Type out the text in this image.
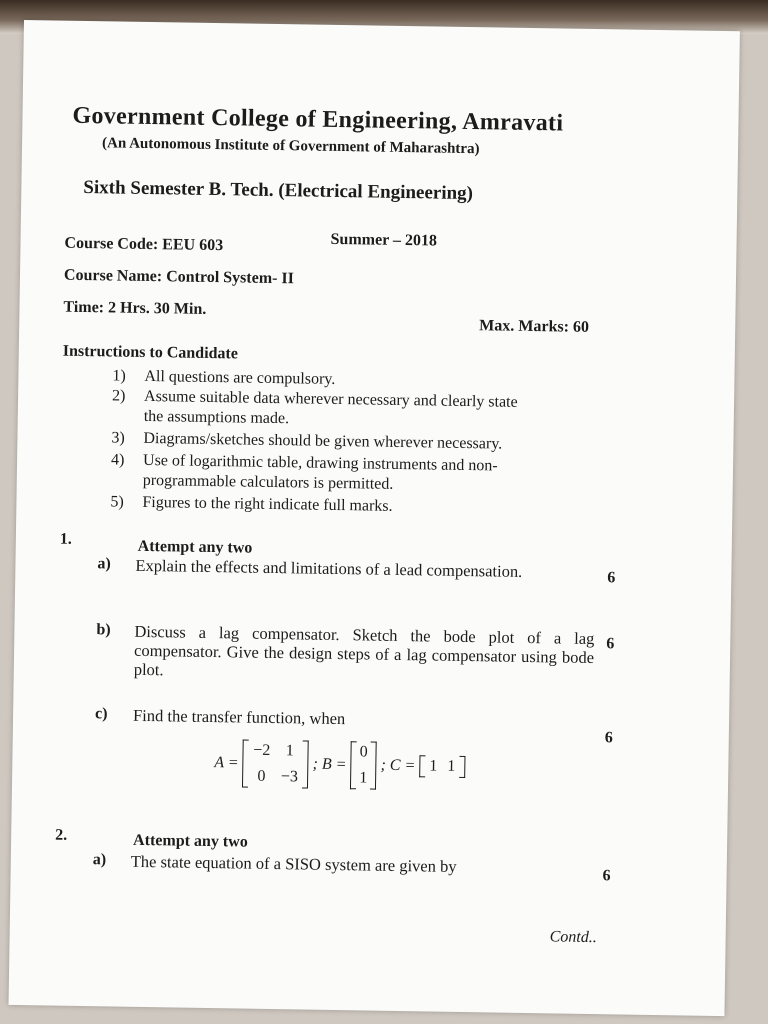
Government College of Engineering, Amravati
(An Autonomous Institute of Government of Maharashtra)
Sixth Semester B. Tech. (Electrical Engineering)
Summer – 2018
Course Code: EEU 603
Course Name: Control System- II
Time: 2 Hrs. 30 Min.
Max. Marks: 60
Instructions to Candidate
1) All questions are compulsory.
2) Assume suitable data wherever necessary and clearly state
the assumptions made.
3) Diagrams/sketches should be given wherever necessary.
4) Use of logarithmic table, drawing instruments and non-
programmable calculators is permitted.
5) Figures to the right indicate full marks.
1.	Attempt any two
a) Explain the effects and limitations of a lead compensation.	6
b) Discuss a lag compensator. Sketch the bode plot of a lag compensator. Give the design steps of a lag compensator using bode plot.
6
c) Find the transfer function, when
6
A =
−2 1
0 −3
; B =
0
1
; C = 1 1
2.	Attempt any two
a) The state equation of a SISO system are given by	6
Contd..
